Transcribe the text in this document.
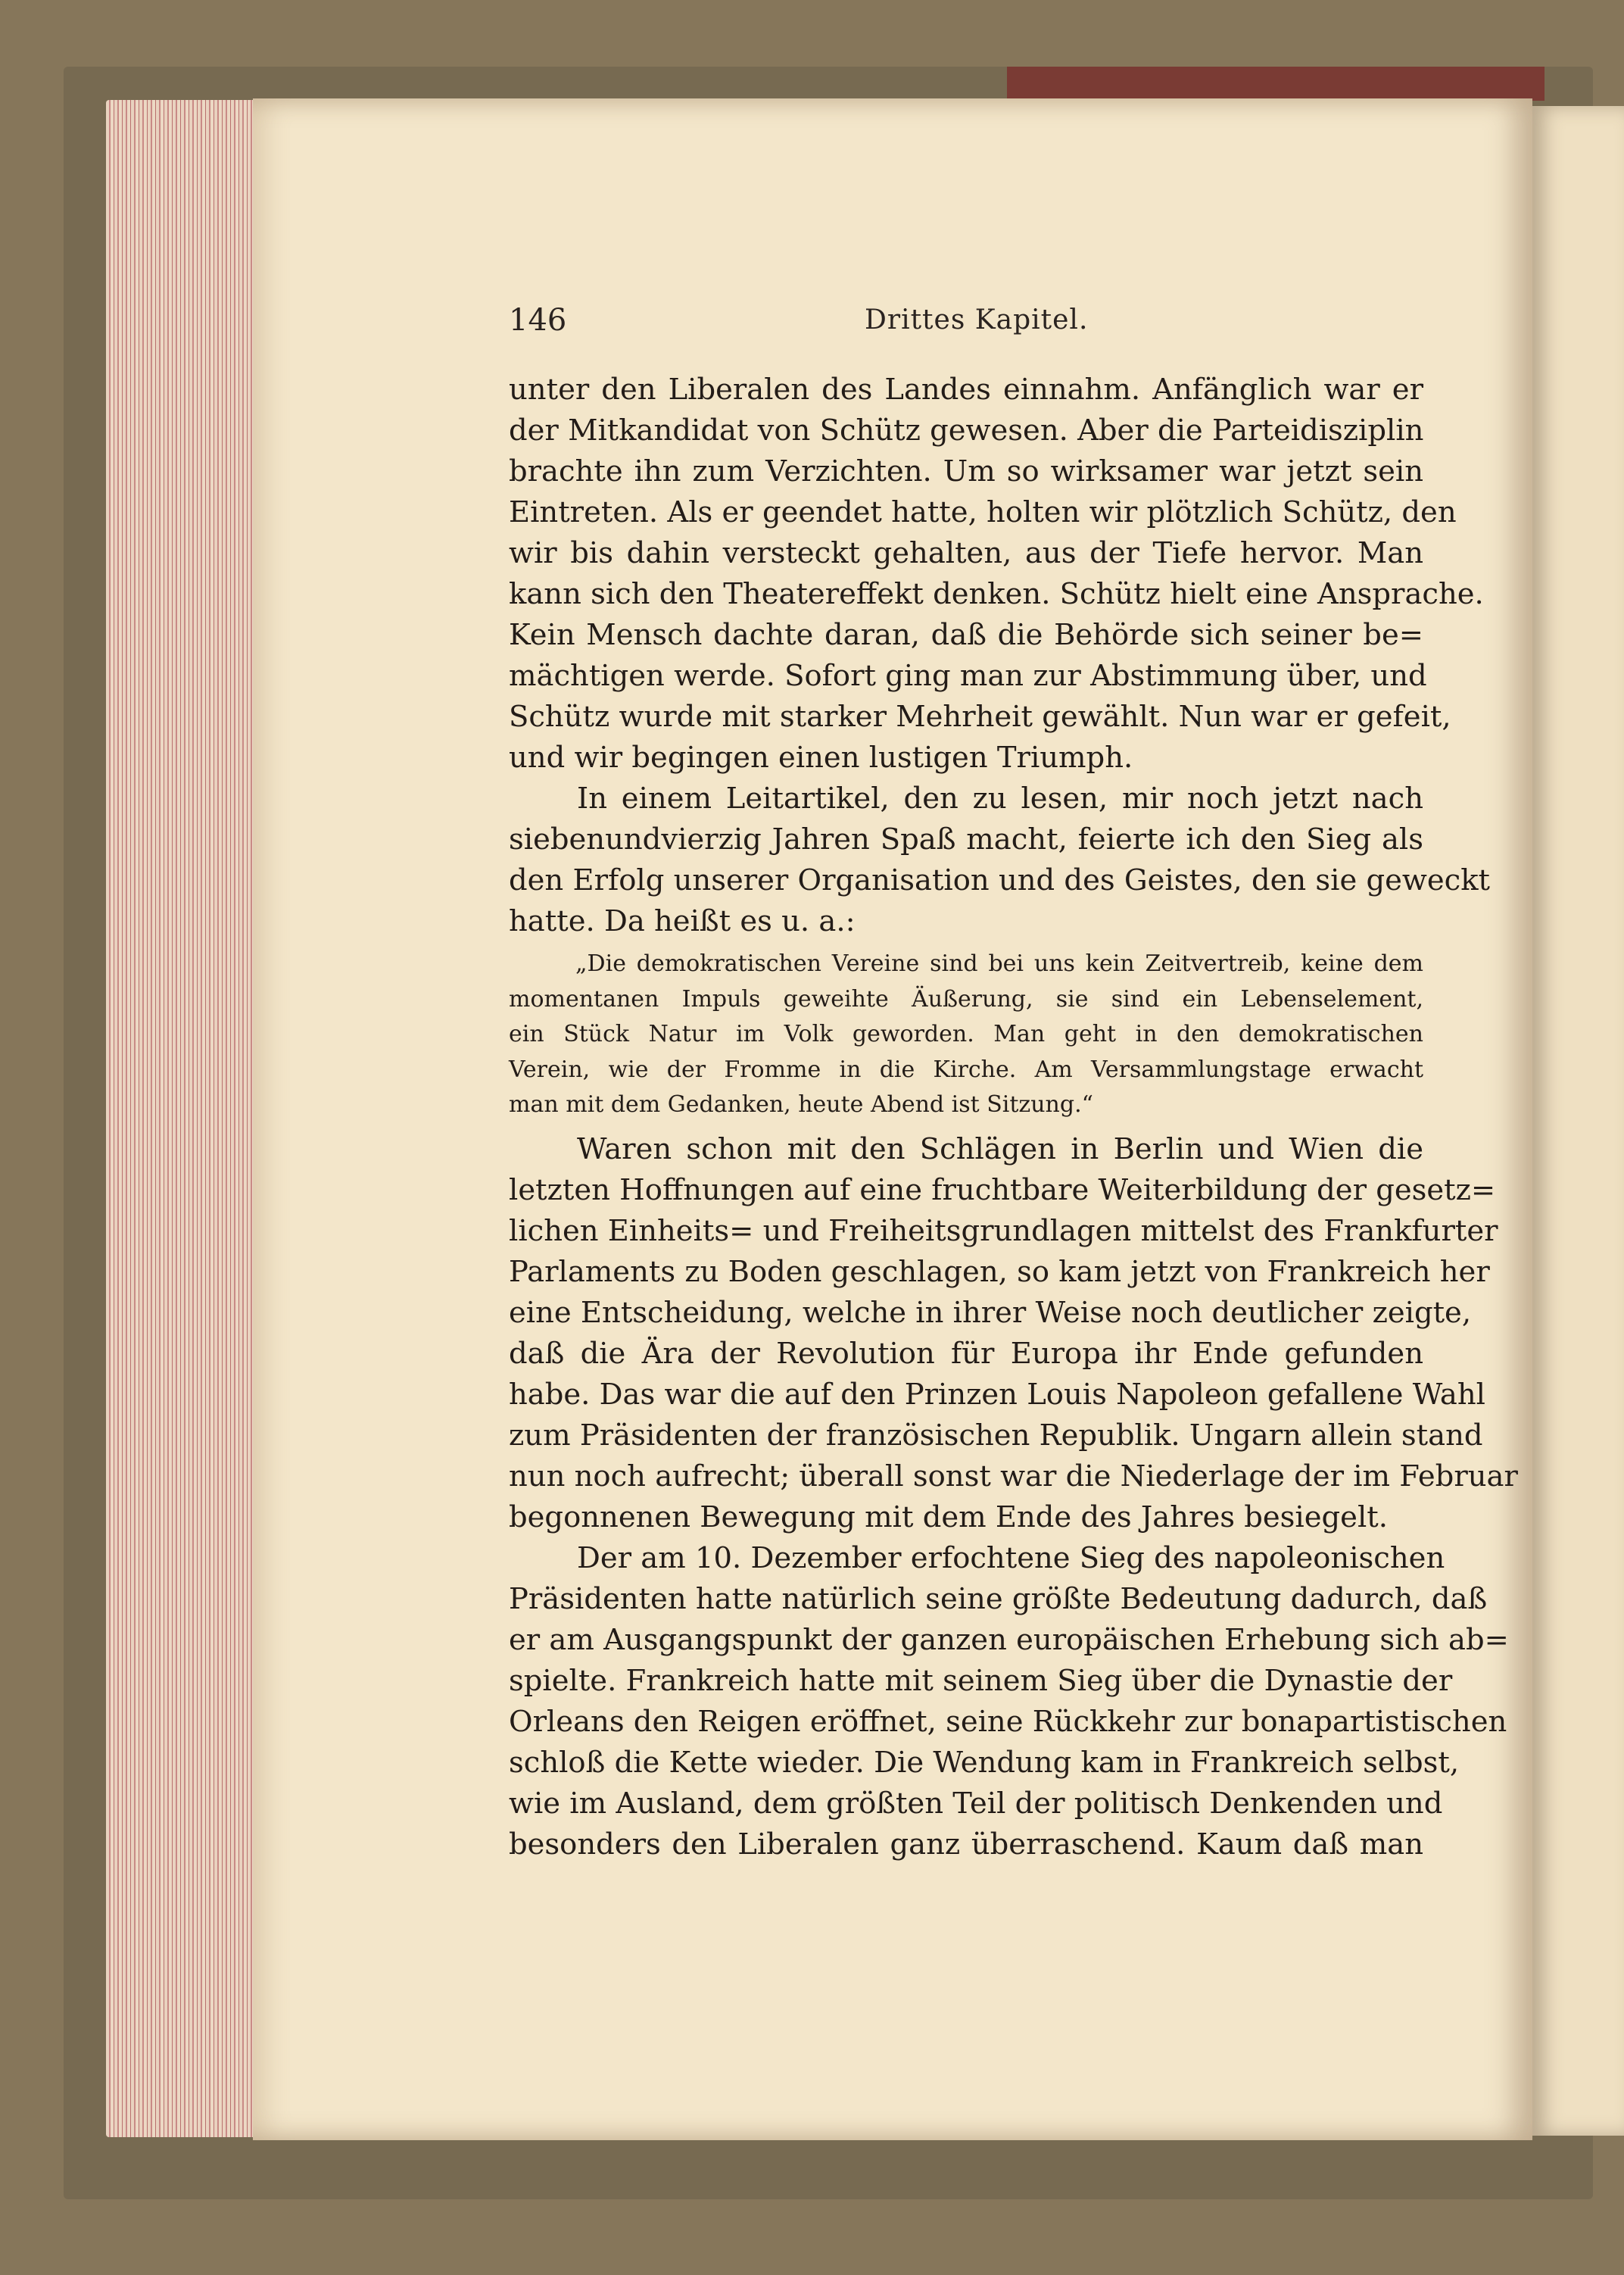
146	Drittes Kapitel.
unter den Liberalen des Landes einnahm. Anfänglich war er
der Mitkandidat von Schütz gewesen. Aber die Parteidisziplin
brachte ihn zum Verzichten. Um so wirksamer war jetzt sein
Eintreten. Als er geendet hatte, holten wir plötzlich Schütz, den
wir bis dahin versteckt gehalten, aus der Tiefe hervor. Man
kann sich den Theatereffekt denken. Schütz hielt eine Ansprache.
Kein Mensch dachte daran, daß die Behörde sich seiner be=
mächtigen werde. Sofort ging man zur Abstimmung über, und
Schütz wurde mit starker Mehrheit gewählt. Nun war er gefeit,
und wir begingen einen lustigen Triumph.
In einem Leitartikel, den zu lesen, mir noch jetzt nach
siebenundvierzig Jahren Spaß macht, feierte ich den Sieg als
den Erfolg unserer Organisation und des Geistes, den sie geweckt
hatte. Da heißt es u. a.:
„Die demokratischen Vereine sind bei uns kein Zeitvertreib, keine dem
momentanen Impuls geweihte Äußerung, sie sind ein Lebenselement,
ein Stück Natur im Volk geworden. Man geht in den demokratischen
Verein, wie der Fromme in die Kirche. Am Versammlungstage erwacht
man mit dem Gedanken, heute Abend ist Sitzung.“
Waren schon mit den Schlägen in Berlin und Wien die
letzten Hoffnungen auf eine fruchtbare Weiterbildung der gesetz=
lichen Einheits= und Freiheitsgrundlagen mittelst des Frankfurter
Parlaments zu Boden geschlagen, so kam jetzt von Frankreich her
eine Entscheidung, welche in ihrer Weise noch deutlicher zeigte,
daß die Ära der Revolution für Europa ihr Ende gefunden
habe. Das war die auf den Prinzen Louis Napoleon gefallene Wahl
zum Präsidenten der französischen Republik. Ungarn allein stand
nun noch aufrecht; überall sonst war die Niederlage der im Februar
begonnenen Bewegung mit dem Ende des Jahres besiegelt.
Der am 10. Dezember erfochtene Sieg des napoleonischen
Präsidenten hatte natürlich seine größte Bedeutung dadurch, daß
er am Ausgangspunkt der ganzen europäischen Erhebung sich ab=
spielte. Frankreich hatte mit seinem Sieg über die Dynastie der
Orleans den Reigen eröffnet, seine Rückkehr zur bonapartistischen
schloß die Kette wieder. Die Wendung kam in Frankreich selbst,
wie im Ausland, dem größten Teil der politisch Denkenden und
besonders den Liberalen ganz überraschend. Kaum daß man
